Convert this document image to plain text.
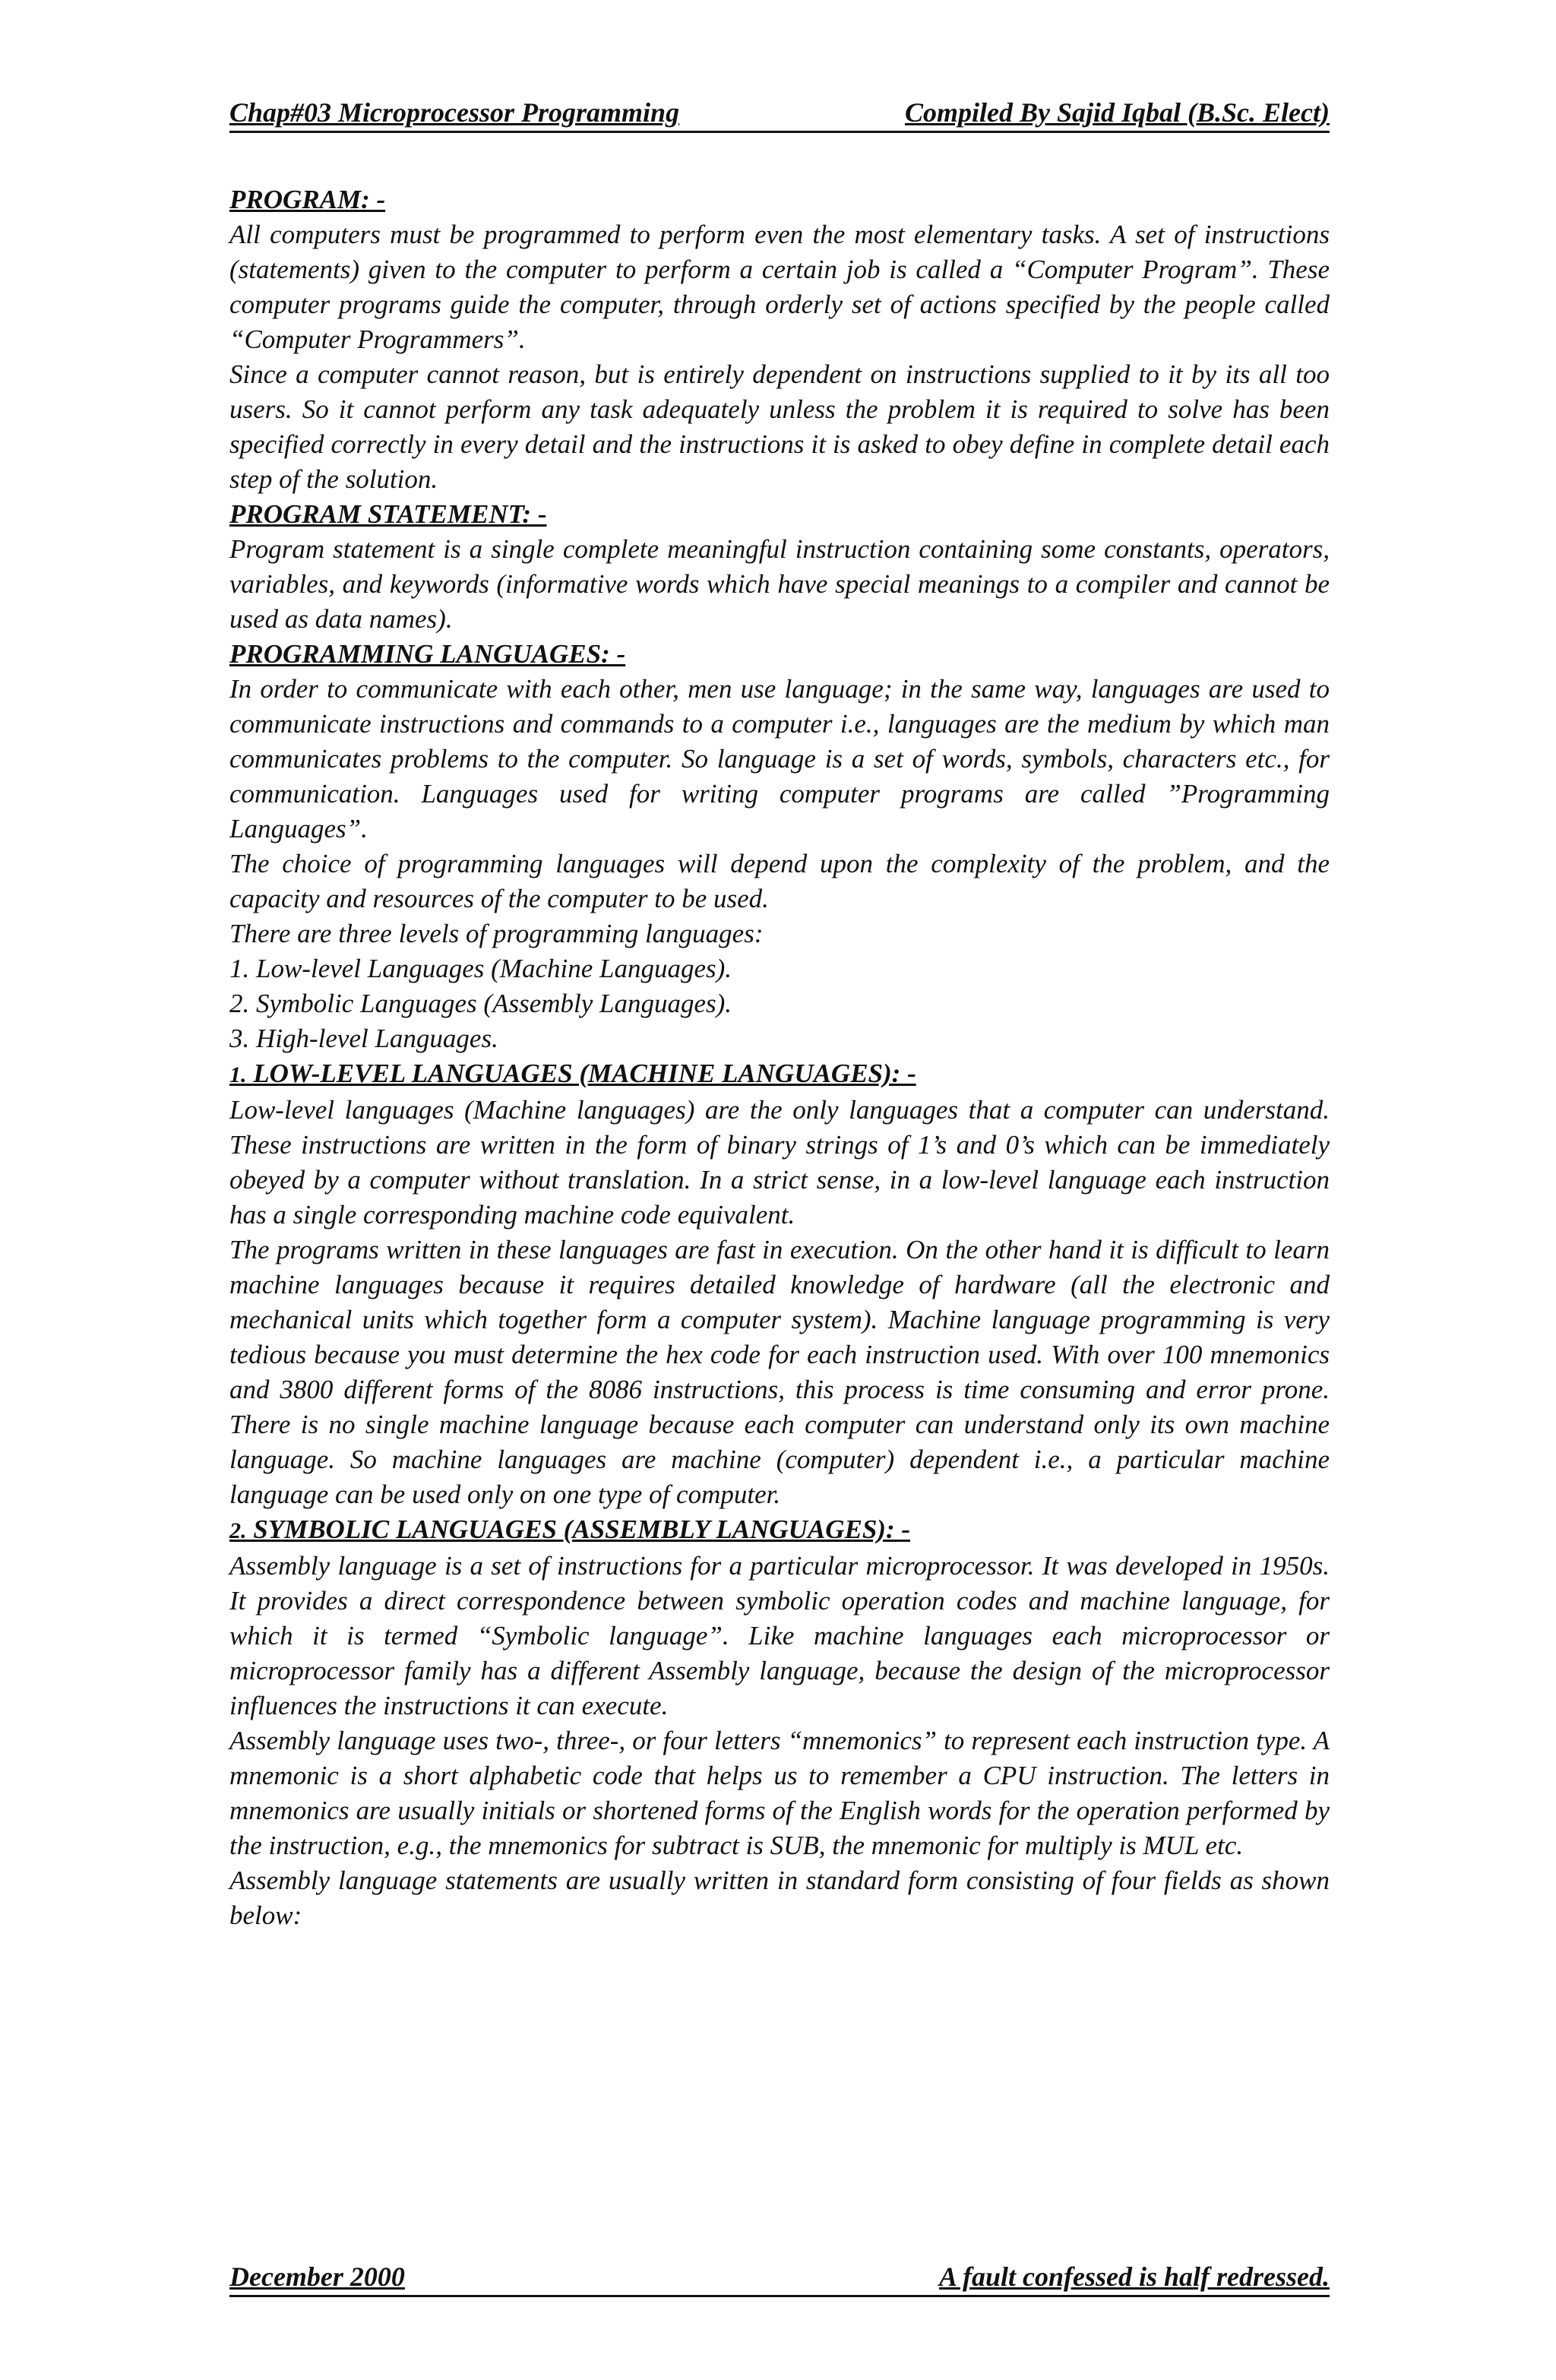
Chap#03 Microprocessor Programming	Compiled By Sajid Iqbal (B.Sc. Elect)

PROGRAM: -

All computers must be programmed to perform even the most elementary tasks. A set of instructions (statements) given to the computer to perform a certain job is called a “Computer Program”. These computer programs guide the computer, through orderly set of actions specified by the people called “Computer Programmers”.

Since a computer cannot reason, but is entirely dependent on instructions supplied to it by its all too users. So it cannot perform any task adequately unless the problem it is required to solve has been specified correctly in every detail and the instructions it is asked to obey define in complete detail each step of the solution.

PROGRAM STATEMENT: -

Program statement is a single complete meaningful instruction containing some constants, operators, variables, and keywords (informative words which have special meanings to a compiler and cannot be used as data names).

PROGRAMMING LANGUAGES: -

In order to communicate with each other, men use language; in the same way, languages are used to communicate instructions and commands to a computer i.e., languages are the medium by which man communicates problems to the computer. So language is a set of words, symbols, characters etc., for communication. Languages used for writing computer programs are called ”Programming Languages”.

The choice of programming languages will depend upon the complexity of the problem, and the capacity and resources of the computer to be used.

There are three levels of programming languages:

1. Low-level Languages (Machine Languages).

2. Symbolic Languages (Assembly Languages).

3. High-level Languages.

1. LOW-LEVEL LANGUAGES (MACHINE LANGUAGES): -

Low-level languages (Machine languages) are the only languages that a computer can understand. These instructions are written in the form of binary strings of 1’s and 0’s which can be immediately obeyed by a computer without translation. In a strict sense, in a low-level language each instruction has a single corresponding machine code equivalent.

The programs written in these languages are fast in execution. On the other hand it is difficult to learn machine languages because it requires detailed knowledge of hardware (all the electronic and mechanical units which together form a computer system). Machine language programming is very tedious because you must determine the hex code for each instruction used. With over 100 mnemonics and 3800 different forms of the 8086 instructions, this process is time consuming and error prone. There is no single machine language because each computer can understand only its own machine language. So machine languages are machine (computer) dependent i.e., a particular machine language can be used only on one type of computer.

2. SYMBOLIC LANGUAGES (ASSEMBLY LANGUAGES): -

Assembly language is a set of instructions for a particular microprocessor. It was developed in 1950s. It provides a direct correspondence between symbolic operation codes and machine language, for which it is termed “Symbolic language”. Like machine languages each microprocessor or microprocessor family has a different Assembly language, because the design of the microprocessor influences the instructions it can execute.

Assembly language uses two-, three-, or four letters “mnemonics” to represent each instruction type. A mnemonic is a short alphabetic code that helps us to remember a CPU instruction. The letters in mnemonics are usually initials or shortened forms of the English words for the operation performed by the instruction, e.g., the mnemonics for subtract is SUB, the mnemonic for multiply is MUL etc.

Assembly language statements are usually written in standard form consisting of four fields as shown below:

December 2000	A fault confessed is half redressed.
